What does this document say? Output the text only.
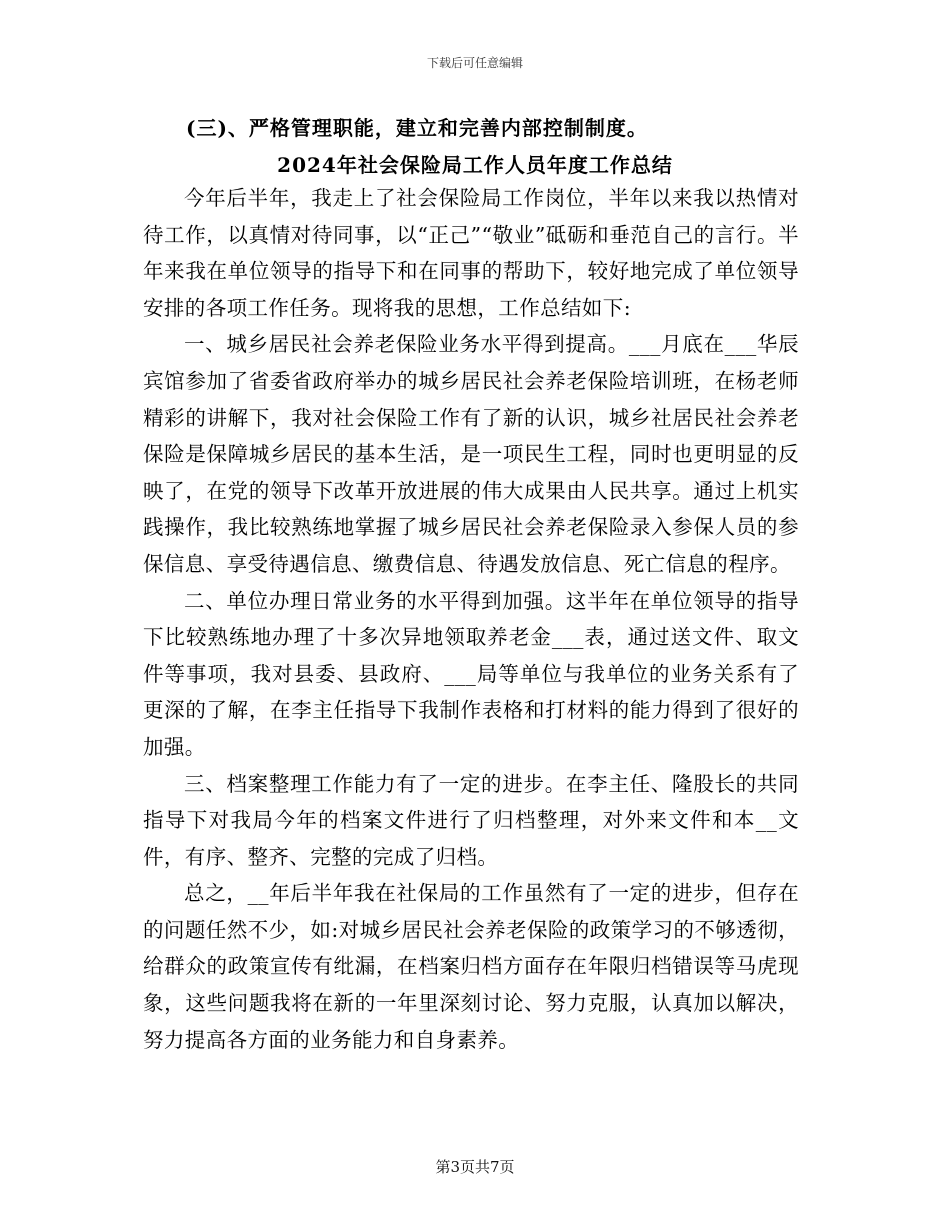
下载后可任意编辑
(三)、严格管理职能，建立和完善内部控制制度。
2024年社会保险局工作人员年度工作总结

今年后半年，我走上了社会保险局工作岗位，半年以来我以热情对待工作，以真情对待同事，以“正己”“敬业”砥砺和垂范自己的言行。半年来我在单位领导的指导下和在同事的帮助下，较好地完成了单位领导安排的各项工作任务。现将我的思想，工作总结如下:

一、城乡居民社会养老保险业务水平得到提高。___月底在___华辰宾馆参加了省委省政府举办的城乡居民社会养老保险培训班，在杨老师精彩的讲解下，我对社会保险工作有了新的认识，城乡社居民社会养老保险是保障城乡居民的基本生活，是一项民生工程，同时也更明显的反映了，在党的领导下改革开放进展的伟大成果由人民共享。通过上机实践操作，我比较熟练地掌握了城乡居民社会养老保险录入参保人员的参保信息、享受待遇信息、缴费信息、待遇发放信息、死亡信息的程序。

二、单位办理日常业务的水平得到加强。这半年在单位领导的指导下比较熟练地办理了十多次异地领取养老金___表，通过送文件、取文件等事项，我对县委、县政府、___局等单位与我单位的业务关系有了更深的了解，在李主任指导下我制作表格和打材料的能力得到了很好的加强。

三、档案整理工作能力有了一定的进步。在李主任、隆股长的共同指导下对我局今年的档案文件进行了归档整理，对外来文件和本__文件，有序、整齐、完整的完成了归档。

总之，__年后半年我在社保局的工作虽然有了一定的进步，但存在的问题任然不少，如:对城乡居民社会养老保险的政策学习的不够透彻，给群众的政策宣传有纰漏，在档案归档方面存在年限归档错误等马虎现象，这些问题我将在新的一年里深刻讨论、努力克服，认真加以解决，努力提高各方面的业务能力和自身素养。

第3页共7页
